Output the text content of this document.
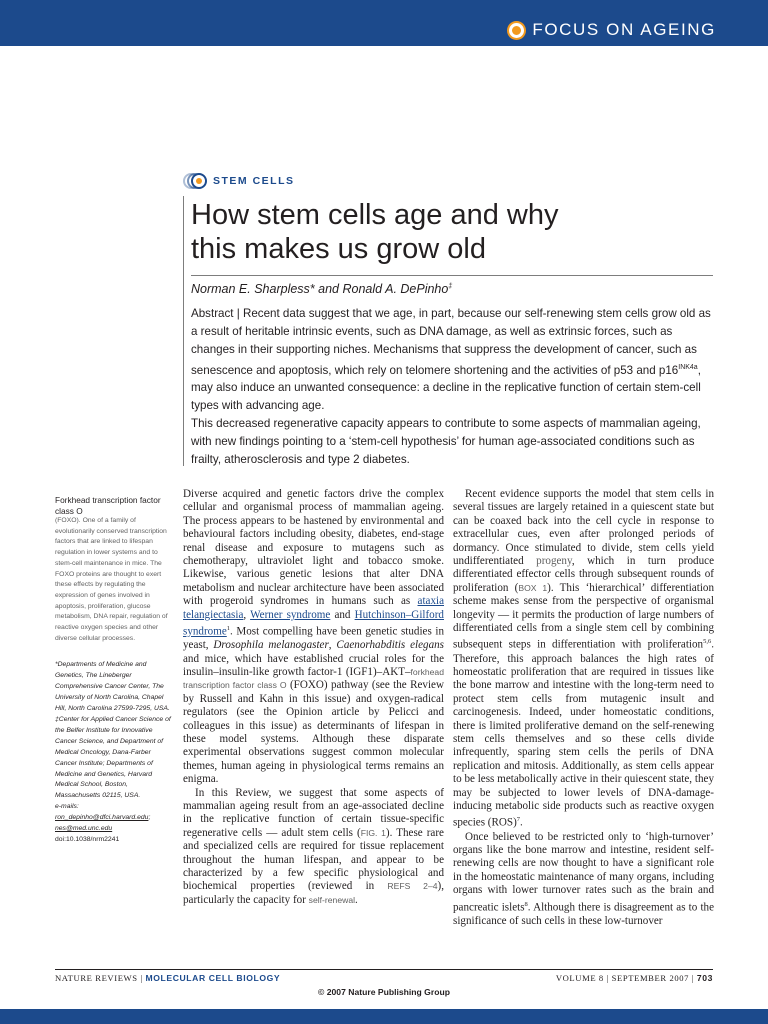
FOCUS ON AGEING
STEM CELLS
How stem cells age and why
this makes us grow old
Norman E. Sharpless* and Ronald A. DePinho‡

Abstract | Recent data suggest that we age, in part, because our self-renewing stem cells grow old as a result of heritable intrinsic events, such as DNA damage, as well as extrinsic forces, such as changes in their supporting niches. Mechanisms that suppress the development of cancer, such as senescence and apoptosis, which rely on telomere shortening and the activities of p53 and $p16^{INK4a}$, may also induce an unwanted consequence: a decline in the replicative function of certain stem-cell types with advancing age.

This decreased regenerative capacity appears to contribute to some aspects of mammalian ageing, with new findings pointing to a ‘stem-cell hypothesis’ for human age-associated conditions such as frailty, atherosclerosis and type 2 diabetes.

Forkhead transcription factor class O
(FOXO). One of a family of evolutionarily conserved transcription factors that are linked to lifespan regulation in lower systems and to stem-cell maintenance in mice. The FOXO proteins are thought to exert these effects by regulating the expression of genes involved in apoptosis, proliferation, glucose metabolism, DNA repair, regulation of reactive oxygen species and other diverse cellular processes.
*Departments of Medicine and Genetics, The Lineberger Comprehensive Cancer Center, The University of North Carolina, Chapel Hill, North Carolina 27599-7295, USA.
‡Center for Applied Cancer Science of the Belfer Institute for Innovative Cancer Science, and Department of Medical Oncology, Dana-Farber Cancer Institute; Departments of Medicine and Genetics, Harvard Medical School, Boston, Massachusetts 02115, USA.
e-mails:
ron_depinho@dfci.harvard.edu; nes@med.unc.edu
doi:10.1038/nrm2241

Diverse acquired and genetic factors drive the complex cellular and organismal process of mammalian ageing. The process appears to be hastened by environmental and behavioural factors including obesity, diabetes, end-stage renal disease and exposure to mutagens such as chemotherapy, ultraviolet light and tobacco smoke. Likewise, various genetic lesions that alter DNA metabolism and nuclear architecture have been associated with progeroid syndromes in humans such as ataxia telangiectasia, Werner syndrome and Hutchinson–Gilford syndrome$^1$. Most compelling have been genetic studies in yeast, Drosophila melanogaster, Caenorhabditis elegans and mice, which have established crucial roles for the insulin–insulin-like growth factor-1 (IGF1)–AKT–forkhead transcription factor class O (FOXO) pathway (see the Review by Russell and Kahn in this issue) and oxygen-radical regulators (see the Opinion article by Pelicci and colleagues in this issue) as determinants of lifespan in these model systems. Although these disparate experimental observations suggest common molecular themes, human ageing in physiological terms remains an enigma.

In this Review, we suggest that some aspects of mammalian ageing result from an age-associated decline in the replicative function of certain tissue-specific regenerative cells — adult stem cells (FIG. 1). These rare and specialized cells are required for tissue replacement throughout the human lifespan, and appear to be characterized by a few specific physiological and biochemical properties (reviewed in REFS 2–4), particularly the capacity for self-renewal.

Recent evidence supports the model that stem cells in several tissues are largely retained in a quiescent state but can be coaxed back into the cell cycle in response to extracellular cues, even after prolonged periods of dormancy. Once stimulated to divide, stem cells yield undifferentiated progeny, which in turn produce differentiated effector cells through subsequent rounds of proliferation (BOX 1). This ‘hierarchical’ differentiation scheme makes sense from the perspective of organismal longevity — it permits the production of large numbers of differentiated cells from a single stem cell by combining subsequent steps in differentiation with proliferation$^{5,6}$. Therefore, this approach balances the high rates of homeostatic proliferation that are required in tissues like the bone marrow and intestine with the long-term need to protect stem cells from mutagenic insult and carcinogenesis. Indeed, under homeostatic conditions, there is limited proliferative demand on the self-renewing stem cells themselves and so these cells divide infrequently, sparing stem cells the perils of DNA replication and mitosis. Additionally, as stem cells appear to be less metabolically active in their quiescent state, they may be subjected to lower levels of DNA-damage-inducing metabolic side products such as reactive oxygen species (ROS)$^7$.

Once believed to be restricted only to ‘high-turnover’ organs like the bone marrow and intestine, resident self-renewing cells are now thought to have a significant role in the homeostatic maintenance of many organs, including organs with lower turnover rates such as the brain and pancreatic islets$^8$. Although there is disagreement as to the significance of such cells in these low-turnover

NATURE REVIEWS | MOLECULAR CELL BIOLOGY	VOLUME 8 | SEPTEMBER 2007 | 703
© 2007 Nature Publishing Group
